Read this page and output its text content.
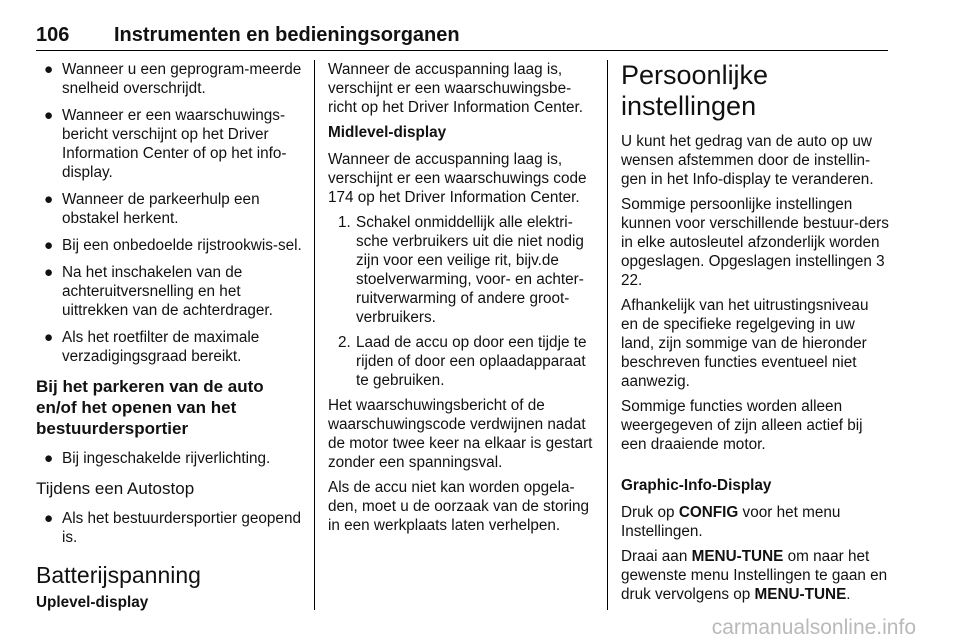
106 Instrumenten en bedieningsorganen
● Wanneer u een geprogram-meerde snelheid overschrijdt.
● Wanneer er een waarschuwings-bericht verschijnt op het Driver Information Center of op het info-display.
● Wanneer de parkeerhulp een obstakel herkent.
● Bij een onbedoelde rijstrookwis-sel.
● Na het inschakelen van de achteruitversnelling en het uittrekken van de achterdrager.
● Als het roetfilter de maximale verzadigingsgraad bereikt.
Bij het parkeren van de auto en/of het openen van het bestuurdersportier
● Bij ingeschakelde rijverlichting.
Tijdens een Autostop
● Als het bestuurdersportier geopend is.
Batterijspanning
Uplevel-display

Wanneer de accuspanning laag is, verschijnt er een waarschuwingsbe-richt op het Driver Information Center.

Midlevel-display

Wanneer de accuspanning laag is, verschijnt er een waarschuwings code 174 op het Driver Information Center.

1. Schakel onmiddellijk alle elektri-sche verbruikers uit die niet nodig zijn voor een veilige rit, bijv.de stoelverwarming, voor- en achter-ruitverwarming of andere groot-verbruikers.
2. Laad de accu op door een tijdje te rijden of door een oplaadapparaat te gebruiken.

Het waarschuwingsbericht of de waarschuwingscode verdwijnen nadat de motor twee keer na elkaar is gestart zonder een spanningsval.

Als de accu niet kan worden opgela-den, moet u de oorzaak van de storing in een werkplaats laten verhelpen.

Persoonlijke instellingen

U kunt het gedrag van de auto op uw wensen afstemmen door de instellin-gen in het Info-display te veranderen.

Sommige persoonlijke instellingen kunnen voor verschillende bestuur-ders in elke autosleutel afzonderlijk worden opgeslagen. Opgeslagen instellingen 3 22.

Afhankelijk van het uitrustingsniveau en de specifieke regelgeving in uw land, zijn sommige van de hieronder beschreven functies eventueel niet aanwezig.

Sommige functies worden alleen weergegeven of zijn alleen actief bij een draaiende motor.

Graphic-Info-Display

Druk op CONFIG voor het menu Instellingen.

Draai aan MENU-TUNE om naar het gewenste menu Instellingen te gaan en druk vervolgens op MENU-TUNE.

carmanualsonline.info
